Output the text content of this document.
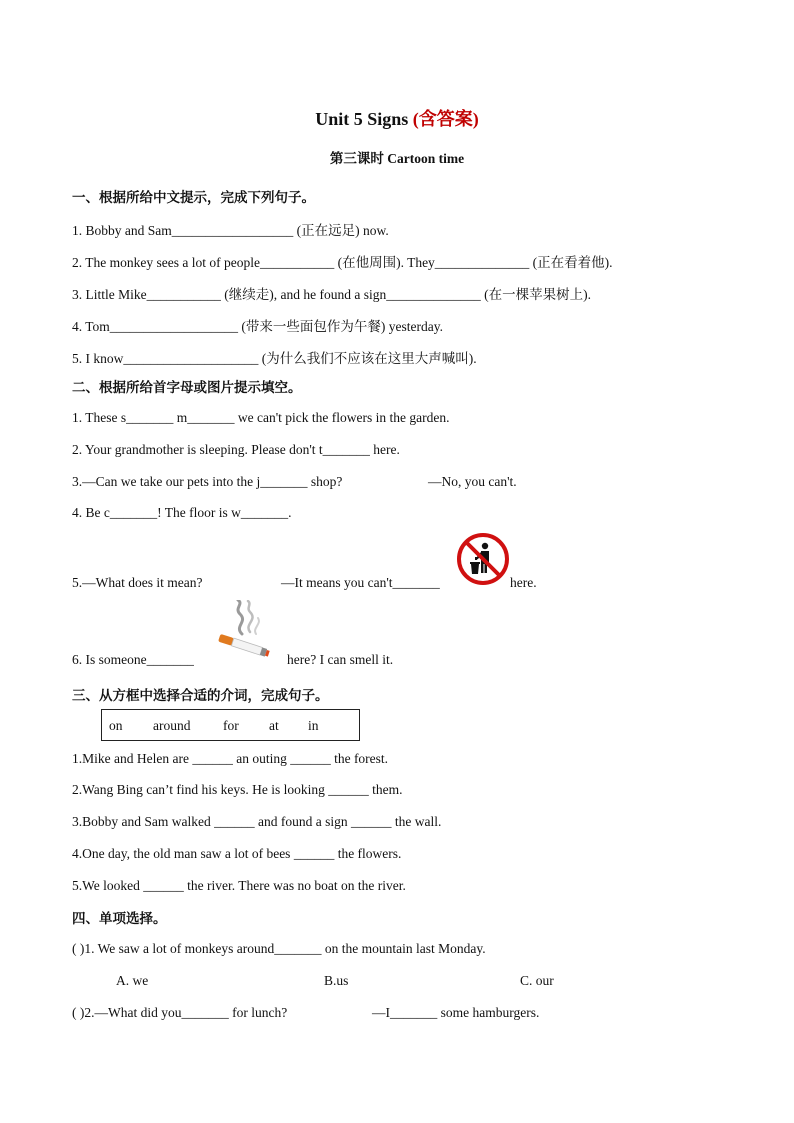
Unit 5 Signs (含答案)
第三课时 Cartoon time
一、根据所给中文提示，完成下列句子。
1. Bobby and Sam__________________ (正在远足) now.
2. The monkey sees a lot of people___________ (在他周围). They______________ (正在看着他).
3. Little Mike___________ (继续走), and he found a sign______________ (在一棵苹果树上).
4. Tom___________________ (带来一些面包作为午餐) yesterday.
5. I know____________________ (为什么我们不应该在这里大声喊叫).
二、根据所给首字母或图片提示填空。
1. These s_______ m_______ we can't pick the flowers in the garden.
2. Your grandmother is sleeping. Please don't t_______ here.
3.—Can we take our pets into the j_______ shop?	—No, you can't.
4. Be c_______! The floor is w_______.
5.—What does it mean?	—It means you can't_______	here.
6. Is someone_______	here? I can smell it.
三、从方框中选择合适的介词，完成句子。
on around for at in
1.Mike and Helen are ______ an outing ______ the forest.
2.Wang Bing can’t find his keys. He is looking ______ them.
3.Bobby and Sam walked ______ and found a sign ______ the wall.
4.One day, the old man saw a lot of bees ______ the flowers.
5.We looked ______ the river. There was no boat on the river.
四、单项选择。
( )1. We saw a lot of monkeys around_______ on the mountain last Monday.
A. we	B.us	C. our
( )2.—What did you_______ for lunch?	—I_______ some hamburgers.
